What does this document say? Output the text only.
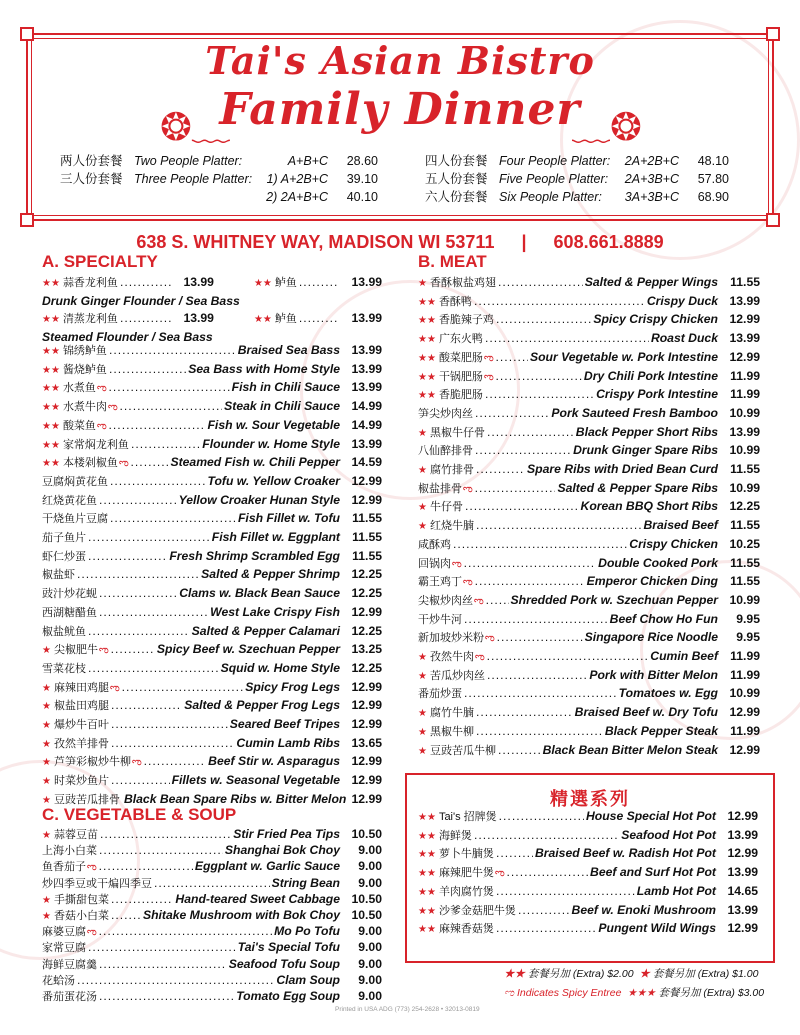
Tai's Asian Bistro
❂﹏
Family Dinner
﹏❂
两人份套餐 Two People Platter:	A+B+C	28.60
三人份套餐 Three People Platter:	1) A+2B+C	39.10
2) 2A+B+C	40.10
四人份套餐 Four People Platter:	2A+2B+C	48.10
五人份套餐 Five People Platter:	2A+3B+C	57.80
六人份套餐 Six People Platter:	3A+3B+C	68.90
638 S. WHITNEY WAY, MADISON WI 53711 | 608.661.8889
A. SPECIALTY	B. MEAT
C. VEGETABLE & SOUP
★★ 蒜香龙利鱼 .....	13.99	★★ 鲈鱼 .....	13.99
Drunk Ginger Flounder / Sea Bass
★★ 清蒸龙利鱼 .....	13.99	★★ 鲈鱼 .....	13.99
Steamed Flounder / Sea Bass
★★ 锦绣鲈鱼 .....	Braised Sea Bass 13.99
★★ 酱烧鲈鱼 .....	Sea Bass with Home Style 13.99
★★ 水煮鱼 ಌ .....	Fish in Chili Sauce 13.99
★★ 水煮牛肉 ಌ .....	Steak in Chili Sauce 14.99
★★ 酸菜鱼 ಌ .....	Fish w. Sour Vegetable 14.99
★★ 家常焖龙利鱼 .....	Flounder w. Home Style 13.99
★★ 本楼剁椒鱼 ಌ .....	Steamed Fish w. Chili Pepper 14.59
豆腐焖黄花鱼 .....	Tofu w. Yellow Croaker 12.99
红烧黄花鱼 .....	Yellow Croaker Hunan Style 12.99
干烧鱼片豆腐 .....	Fish Fillet w. Tofu 11.55
茄子鱼片 .....	Fish Fillet w. Eggplant 11.55
虾仁炒蛋 .....	Fresh Shrimp Scrambled Egg 11.55
椒盐虾 .....	Salted & Pepper Shrimp 12.25
豉汁炒花蚬 .....	Clams w. Black Bean Sauce 12.25
西湖糖醋鱼 .....	West Lake Crispy Fish 12.99
椒盐鱿鱼 .....	Salted & Pepper Calamari 12.25
★ 尖椒肥牛 ಌ .....	Spicy Beef w. Szechuan Pepper 13.25
雪菜花枝 .....	Squid w. Home Style 12.25
★ 麻辣田鸡腿 ಌ .....	Spicy Frog Legs 12.99
★ 椒盐田鸡腿 .....	Salted & Pepper Frog Legs 12.99
★ 爆炒牛百叶 .....	Seared Beef Tripes 12.99
★ 孜然羊排骨 .....	Cumin Lamb Ribs 13.65
★ 芦笋彩椒炒牛柳 ಌ .....	Beef Stir w. Asparagus 12.99
★ 时菜炒鱼片 .....	Fillets w. Seasonal Vegetable 12.99
★ 豆豉苦瓜排骨 Black Bean Spare Ribs w. Bitter Melon 12.99
★ 香酥椒盐鸡翅 .....	Salted & Pepper Wings 11.55
★★ 香酥鸭 .....	Crispy Duck 13.99
★★ 香脆辣子鸡 .....	Spicy Crispy Chicken 12.99
★★ 广东火鸭 .....	Roast Duck 13.99
★★ 酸菜肥肠 ಌ .....	Sour Vegetable w. Pork Intestine 12.99
★★ 干锅肥肠 ಌ .....	Dry Chili Pork Intestine 11.99
★★ 香脆肥肠 .....	Crispy Pork Intestine 11.99
笋尖炒肉丝 .....	Pork Sauteed Fresh Bamboo 10.99
★ 黑椒牛仔骨 .....	Black Pepper Short Ribs 13.99
八仙醉排骨 .....	Drunk Ginger Spare Ribs 10.99
★ 腐竹排骨 .....	Spare Ribs with Dried Bean Curd 11.55
椒盐排骨 ಌ .....	Salted & Pepper Spare Ribs 10.99
★ 牛仔骨 .....	Korean BBQ Short Ribs 12.25
★ 红烧牛腩 .....	Braised Beef 11.55
咸酥鸡 .....	Crispy Chicken 10.25
回锅肉 ಌ .....	Double Cooked Pork 11.55
霸王鸡丁 ಌ .....	Emperor Chicken Ding 11.55
尖椒炒肉丝 ಌ ..... Shredded Pork w. Szechuan Pepper 10.99
干炒牛河 .....	Beef Chow Ho Fun	9.95
新加坡炒米粉 ಌ .....	Singapore Rice Noodle	9.95
★ 孜然牛肉 ಌ .....	Cumin Beef 11.99
★ 苦瓜炒肉丝 .....	Pork with Bitter Melon 11.99
番茄炒蛋 .....	Tomatoes w. Egg 10.99
★ 腐竹牛腩 .....	Braised Beef w. Dry Tofu 12.99
★ 黑椒牛柳 .....	Black Pepper Steak 11.99
★ 豆豉苦瓜牛柳 .....	Black Bean Bitter Melon Steak 12.99
★ 蒜蓉豆苗 .....	Stir Fried Pea Tips 10.50
上海小白菜 .....	Shanghai Bok Choy	9.00
鱼香茄子 ಌ .....	Eggplant w. Garlic Sauce	9.00
炒四季豆或干煸四季豆 .....	String Bean	9.00
★ 手撕甜包菜 .....	Hand-teared Sweet Cabbage 10.50
★ 香菇小白菜 .....	Shitake Mushroom with Bok Choy 10.50
麻婆豆腐 ಌ .....	Mo Po Tofu	9.00
家常豆腐 .....	Tai's Special Tofu	9.00
海鲜豆腐羹 .....	Seafood Tofu Soup	9.00
花蛤汤 .....	Clam Soup	9.00
番茄蛋花汤 .....	Tomato Egg Soup	9.00
精選系列
★★ Tai's 招牌煲 .....	House Special Hot Pot 12.99
★★ 海鲜煲 .....	Seafood Hot Pot 13.99
★★ 萝卜牛腩煲 .....	Braised Beef w. Radish Hot Pot 12.99
★★ 麻辣肥牛煲 ಌ .....	Beef and Surf Hot Pot 13.99
★★ 羊肉腐竹煲 .....	Lamb Hot Pot 14.65
★★ 沙爹金菇肥牛煲 .....	Beef w. Enoki Mushroom 13.99
★★ 麻辣香菇煲 .....	Pungent Wild Wings 12.99
★★ 套餐另加 (Extra) $2.00 ★ 套餐另加 (Extra) $1.00
ಌ Indicates Spicy Entree ★★★ 套餐另加 (Extra) $3.00
Printed in USA ADG (773) 254-2628 • 32013-0819
